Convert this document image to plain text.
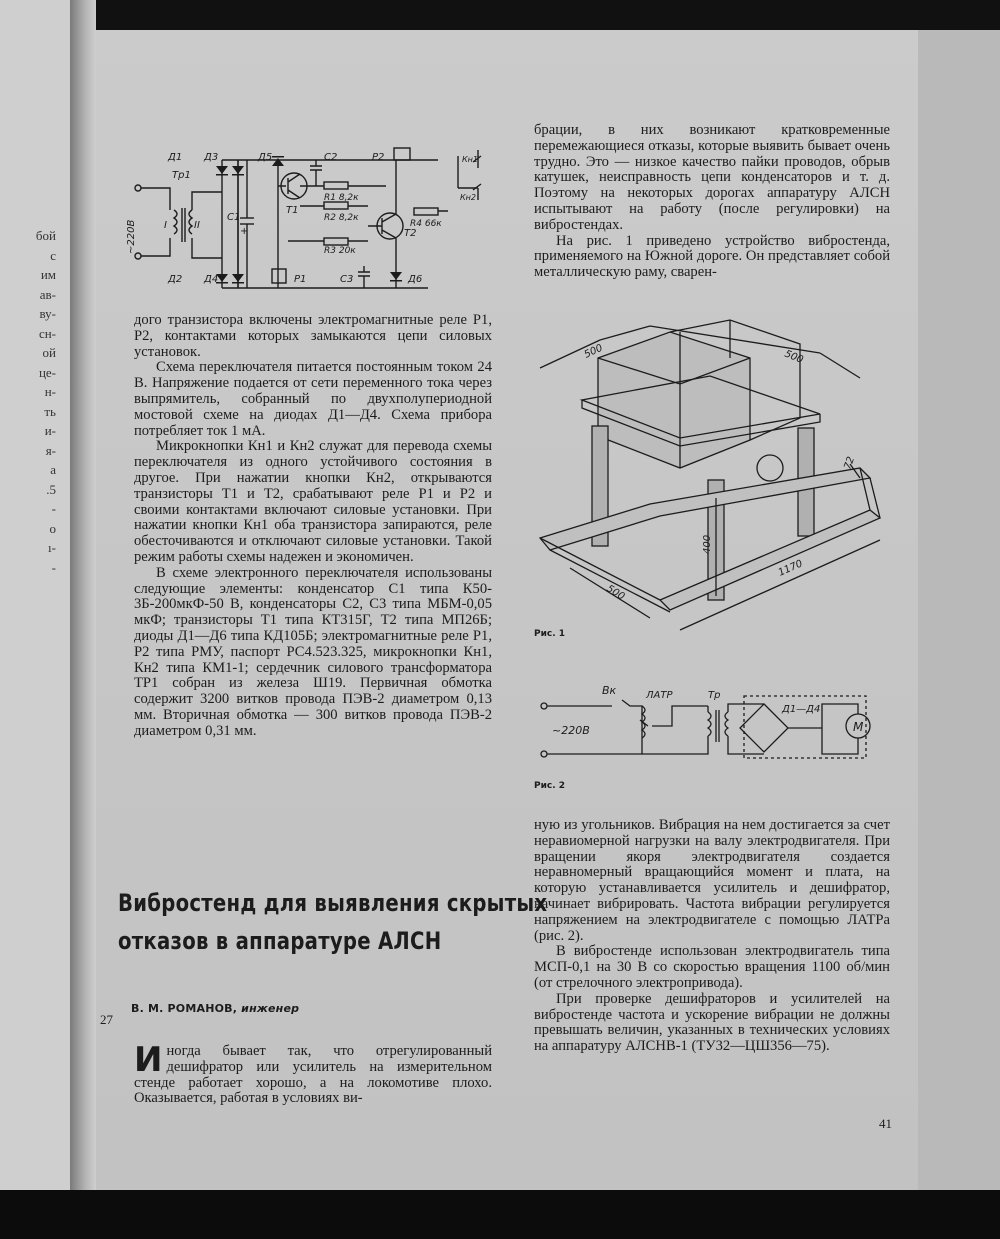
бой

с

им

ав-

ву-

сн-

ой

це-

н-

ть

и-

я-

а

.5

-

о

ı-

-

27
Д1 Д3	Д5	С2	Р2	Кн1
Кн2
Тр1
~220В	I	II
С1
+
Т1
R1 8,2к
R2 8,2к
R4 66к
Т2
R3 20к
Д2 Д4	Р1	С3	Д6

дого транзистора включены электромагнитные реле Р1, Р2, контактами которых замыкаются цепи силовых установок.

Схема переключателя питается постоянным током 24 В. Напряжение подается от сети переменного тока через выпрямитель, собранный по двухполупериодной мостовой схеме на диодах Д1—Д4. Схема прибора потребляет ток 1 мА.

Микрокнопки Кн1 и Кн2 служат для перевода схемы переключателя из одного устойчивого состояния в другое. При нажатии кнопки Кн2, открываются транзисторы Т1 и Т2, срабатывают реле Р1 и Р2 и своими контактами включают силовые установки. При нажатии кнопки Кн1 оба транзистора запираются, реле обесточиваются и отключают силовые установки. Такой режим работы схемы надежен и экономичен.

В схеме электронного переключателя использованы следующие элементы: конденсатор С1 типа К50-3Б-200мкФ-50 В, конденсаторы С2, С3 типа МБМ-0,05 мкФ; транзисторы Т1 типа КТ315Г, Т2 типа МП26Б; диоды Д1—Д6 типа КД105Б; электромагнитные реле Р1, Р2 типа РМУ, паспорт РС4.523.325, микрокнопки Кн1, Кн2 типа КМ1-1; сердечник силового трансформатора ТР1 собран из железа Ш19. Первичная обмотка содержит 3200 витков провода ПЭВ-2 диаметром 0,13 мм. Вторичная обмотка — 300 витков провода ПЭВ-2 диаметром 0,31 мм.

Вибростенд для выявления скрытых
отказов в аппаратуре АЛСН
В. М. РОМАНОВ, инженер
Иногда бывает так, что отрегулированный дешифратор или усилитель на измерительном стенде работает хорошо, а на локомотиве плохо. Оказывается, работая в условиях ви-

брации, в них возникают кратковременные перемежающиеся отказы, которые выявить бывает очень трудно. Это — низкое качество пайки проводов, обрыв катушек, неисправность цепи конденсаторов и т. д. Поэтому на некоторых дорогах аппаратуру АЛСН испытывают на работу (после регулировки) на вибростендах.

На рис. 1 приведено устройство вибростенда, применяемого на Южной дороге. Он представляет собой металлическую раму, сварен-

500	500
400
72
500
1170
Рис. 1
Вк	ЛАТР	Тр
~220В
Д1—Д4
М
Рис. 2

ную из угольников. Вибрация на нем достигается за счет неравиомерной нагрузки на валу электродвигателя. При вращении якоря электродвигателя создается неравномерный вращающийся момент и плата, на которую устанавливается усилитель и дешифратор, начинает вибрировать. Частота вибрации регулируется напряжением на электродвигателе с помощью ЛАТРа (рис. 2).

В вибростенде использован электродвигатель типа МСП-0,1 на 30 В со скоростью вращения 1100 об/мин (от стрелочного электропривода).

При проверке дешифраторов и усилителей на вибростенде частота и ускорение вибрации не должны превышать величин, указанных в технических условиях на аппаратуру АЛСНВ-1 (ТУ32—ЦШ356—75).

41
